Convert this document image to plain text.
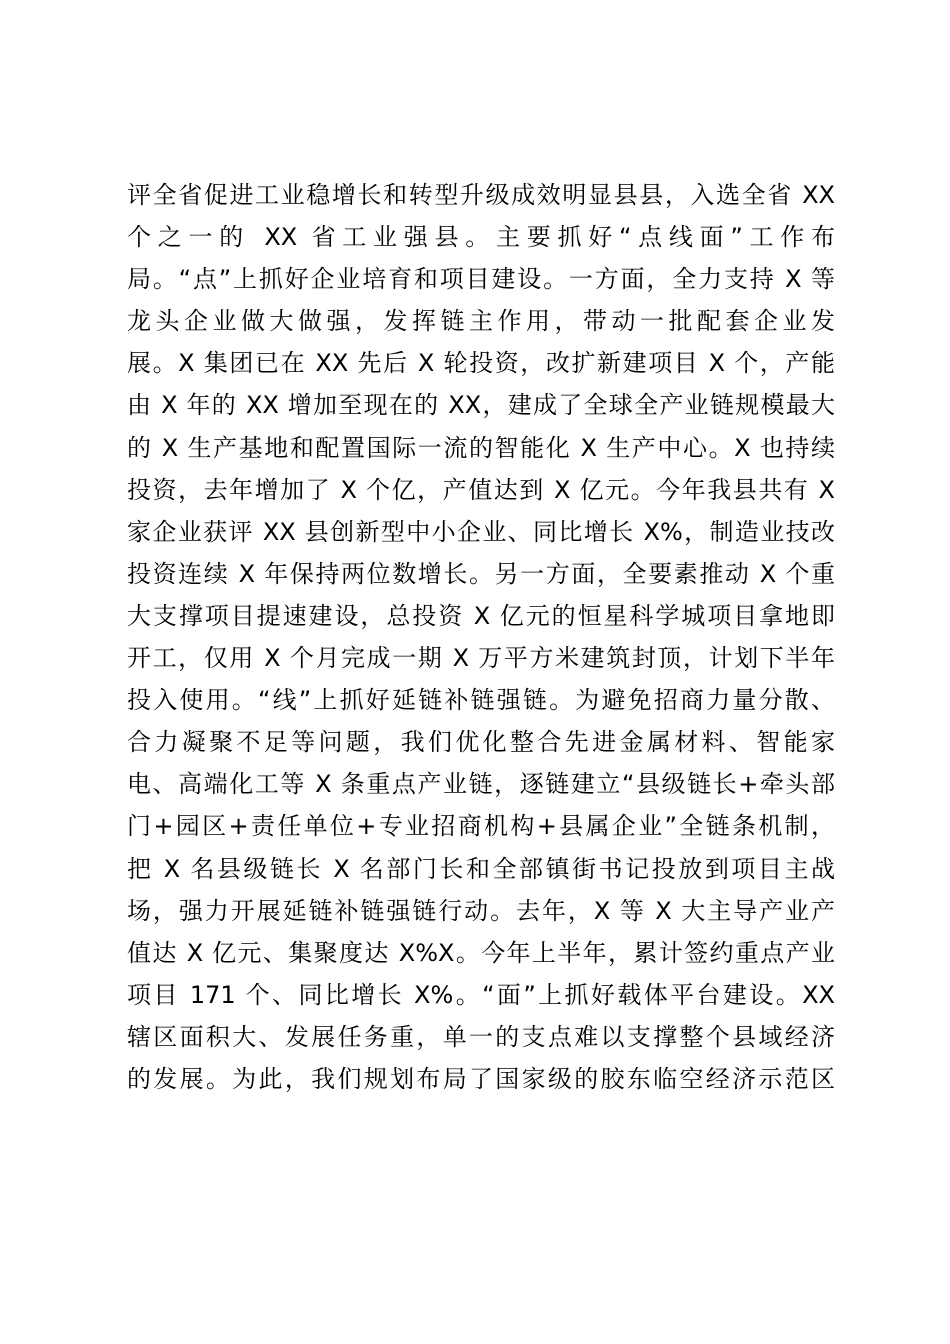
评全省促进工业稳增长和转型升级成效明显县县，入选全省 XX
个之一的 XX 省工业强县。主要抓好“点线面”工作布
局。“点”上抓好企业培育和项目建设。一方面，全力支持 X 等
龙头企业做大做强，发挥链主作用，带动一批配套企业发
展。X 集团已在 XX 先后 X 轮投资，改扩新建项目 X 个，产能
由 X 年的 XX 增加至现在的 XX，建成了全球全产业链规模最大
的 X 生产基地和配置国际一流的智能化 X 生产中心。X 也持续
投资，去年增加了 X 个亿，产值达到 X 亿元。今年我县共有 X
家企业获评 XX 县创新型中小企业、同比增长 X%，制造业技改
投资连续 X 年保持两位数增长。另一方面，全要素推动 X 个重
大支撑项目提速建设，总投资 X 亿元的恒星科学城项目拿地即
开工，仅用 X 个月完成一期 X 万平方米建筑封顶，计划下半年
投入使用。“线”上抓好延链补链强链。为避免招商力量分散、
合力凝聚不足等问题，我们优化整合先进金属材料、智能家
电、高端化工等 X 条重点产业链，逐链建立“县级链长+牵头部
门+园区+责任单位+专业招商机构+县属企业”全链条机制，
把 X 名县级链长 X 名部门长和全部镇街书记投放到项目主战
场，强力开展延链补链强链行动。去年，X 等 X 大主导产业产
值达 X 亿元、集聚度达 X%X。今年上半年，累计签约重点产业
项目 171 个、同比增长 X%。“面”上抓好载体平台建设。XX
辖区面积大、发展任务重，单一的支点难以支撑整个县域经济
的发展。为此，我们规划布局了国家级的胶东临空经济示范区
